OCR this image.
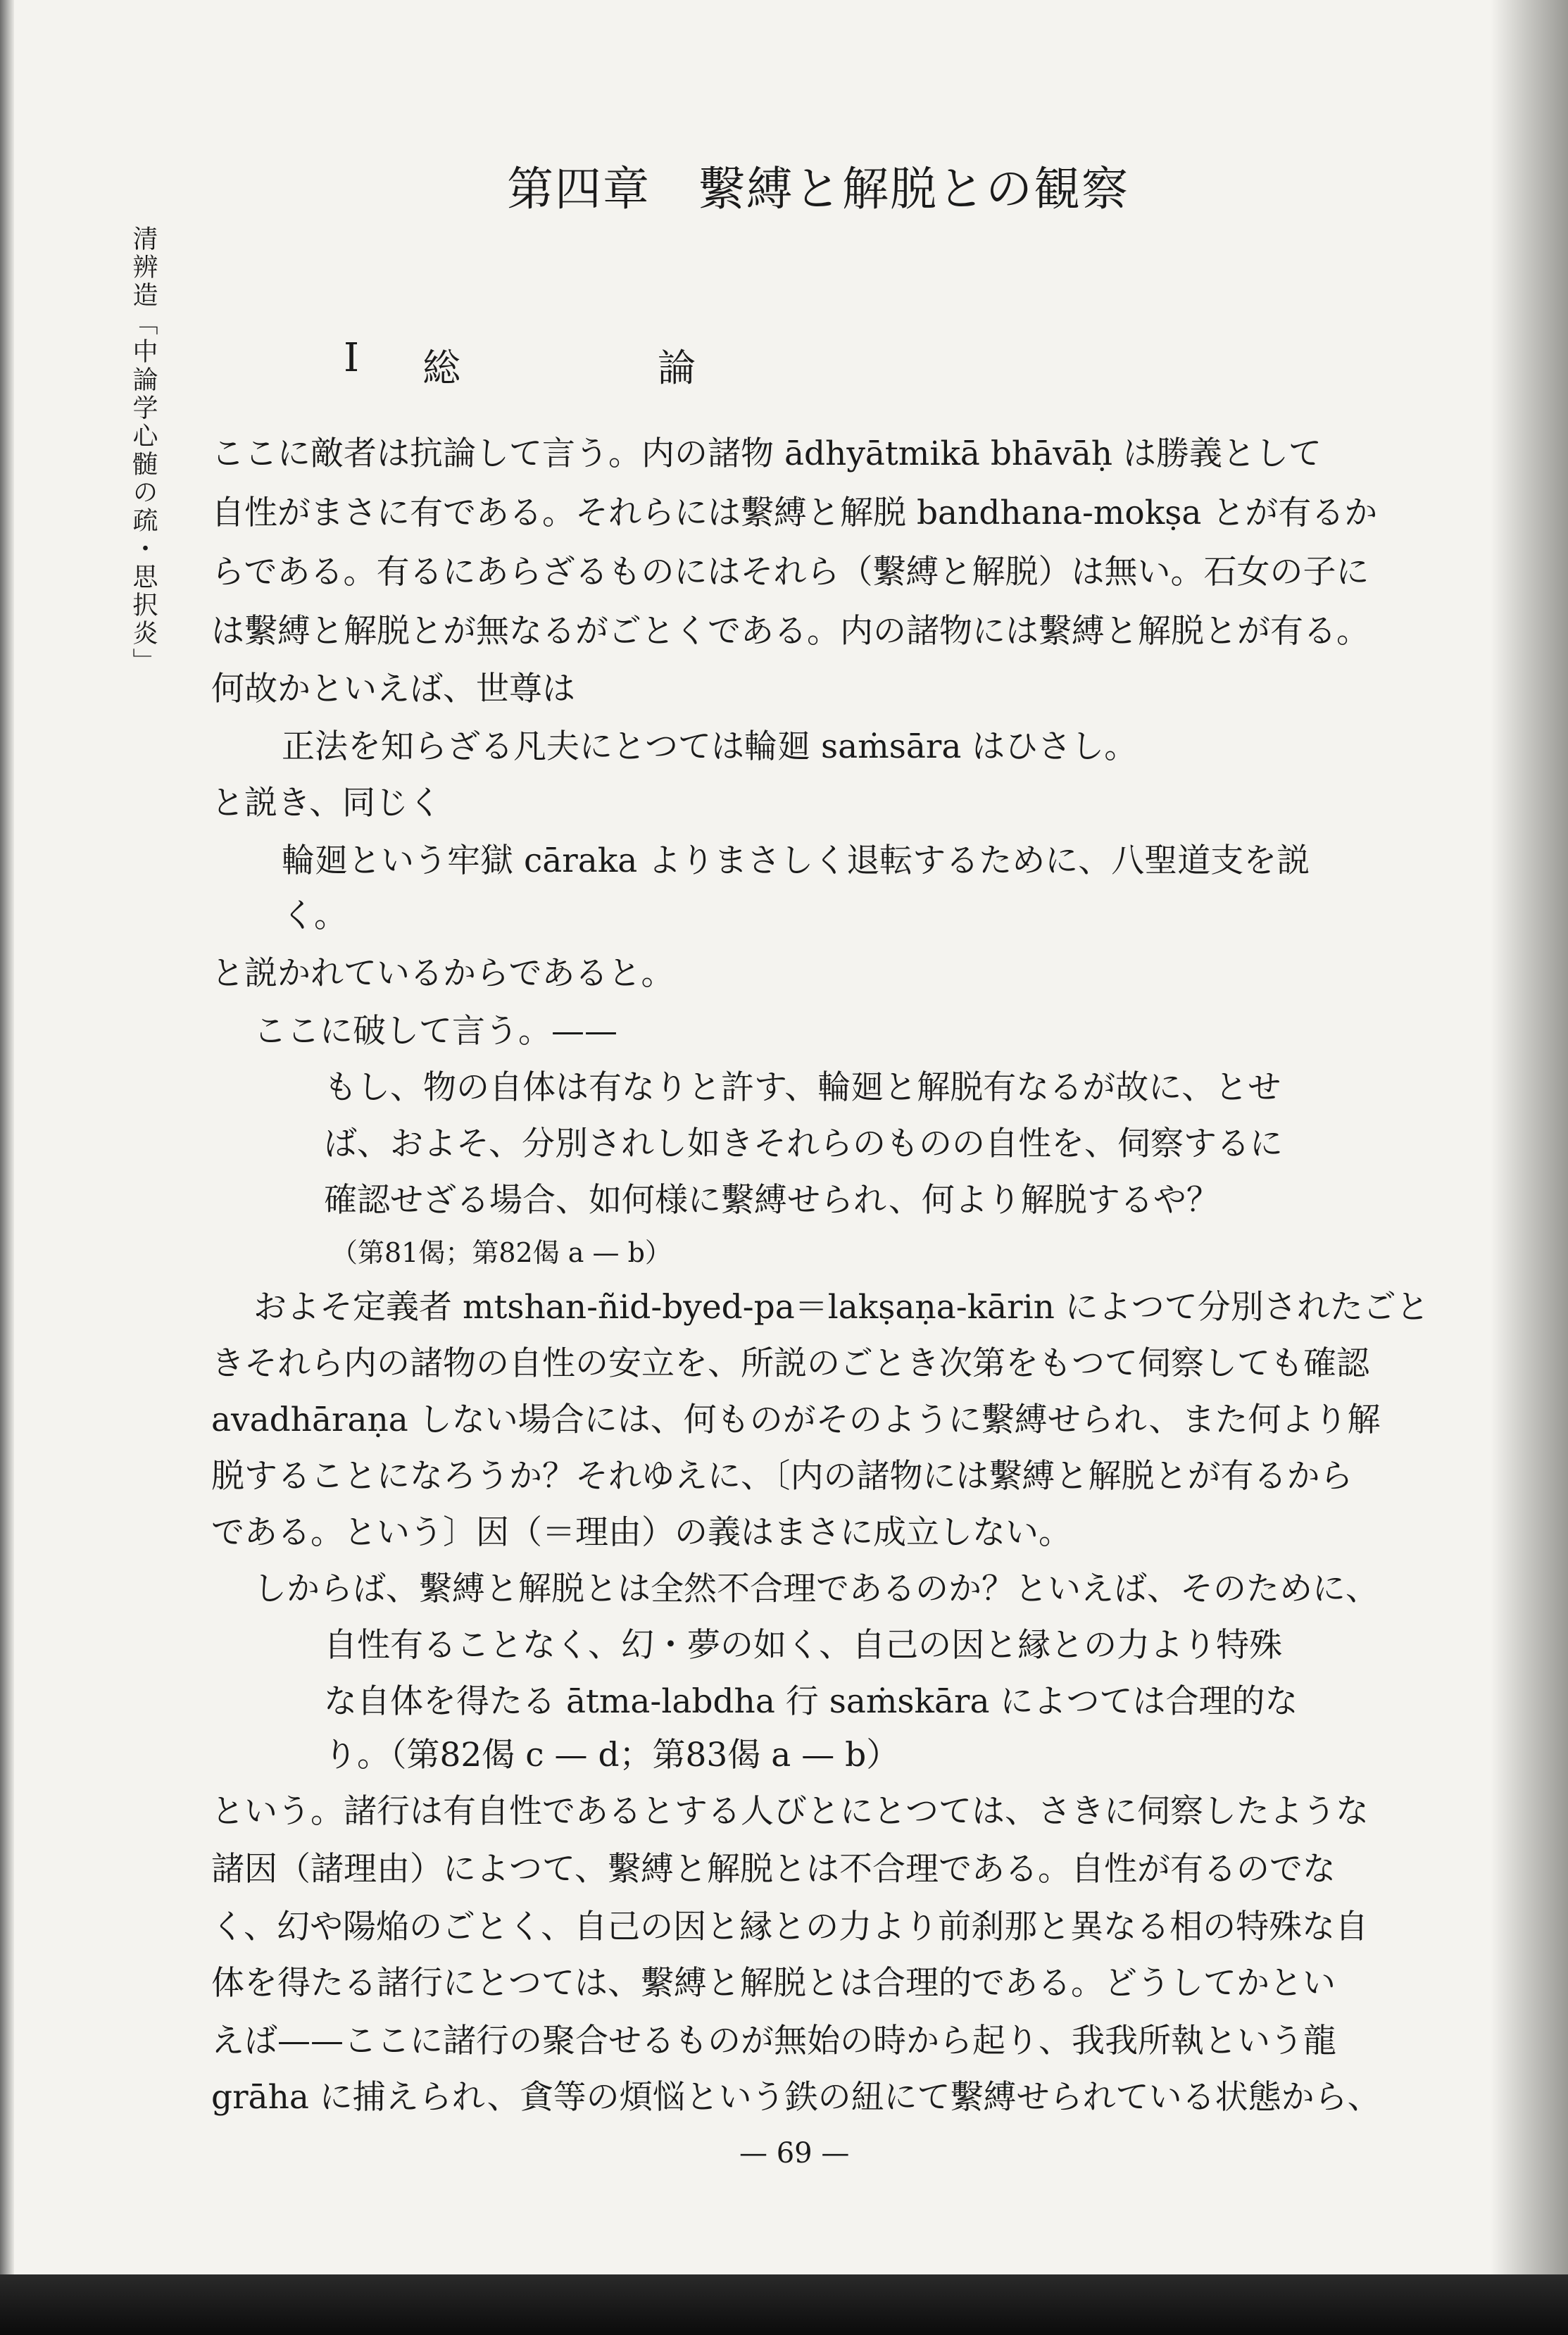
清辨造「中論学心髄の疏・思択炎」
第四章　繫縛と解脱との観察
Ⅰ 総	論
ここに敵者は抗論して言う。内の諸物 ādhyātmikā bhāvāḥ は勝義として
自性がまさに有である。それらには繫縛と解脱 bandhana-mokṣa とが有るか
らである。有るにあらざるものにはそれら（繫縛と解脱）は無い。石女の子に
は繫縛と解脱とが無なるがごとくである。内の諸物には繫縛と解脱とが有る。
何故かといえば、世尊は
正法を知らざる凡夫にとつては輪廻 saṁsāra はひさし。
と説き、同じく
輪廻という牢獄 cāraka よりまさしく退転するために、八聖道支を説
く。
と説かれているからであると。
ここに破して言う。——
もし、物の自体は有なりと許す、輪廻と解脱有なるが故に、とせ
ば、およそ、分別されし如きそれらのものの自性を、伺察するに
確認せざる場合、如何様に繫縛せられ、何より解脱するや？
（第81偈；第82偈 a — b）
およそ定義者 mtshan-ñid-byed-pa＝lakṣaṇa-kārin によつて分別されたごと
きそれら内の諸物の自性の安立を、所説のごとき次第をもつて伺察しても確認
avadhāraṇa しない場合には、何ものがそのように繫縛せられ、また何より解
脱することになろうか？それゆえに、〔内の諸物には繫縛と解脱とが有るから
である。という〕因（＝理由）の義はまさに成立しない。
しからば、繫縛と解脱とは全然不合理であるのか？といえば、そのために、
自性有ることなく、幻・夢の如く、自己の因と縁との力より特殊
な自体を得たる ātma-labdha 行 saṁskāra によつては合理的な
り。（第82偈 c — d；第83偈 a — b）
という。諸行は有自性であるとする人びとにとつては、さきに伺察したような
諸因（諸理由）によつて、繫縛と解脱とは不合理である。自性が有るのでな
く、幻や陽焔のごとく、自己の因と縁との力より前刹那と異なる相の特殊な自
体を得たる諸行にとつては、繫縛と解脱とは合理的である。どうしてかとい
えば——ここに諸行の聚合せるものが無始の時から起り、我我所執という龍
grāha に捕えられ、貪等の煩悩という鉄の紐にて繫縛せられている状態から、
— 69 —
